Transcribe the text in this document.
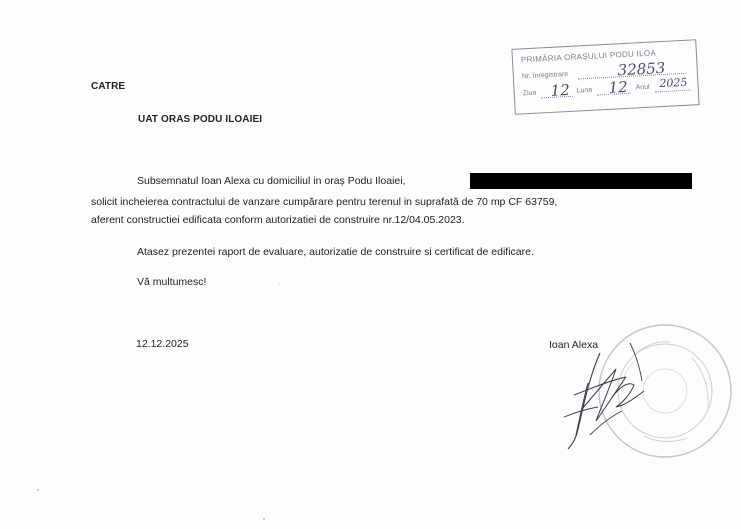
PRIMĂRIA ORAȘULUI PODU ILOA
Nr. înregistrare	32853
Ziua 12 Luna 12 Anul 2025
CATRE
UAT ORAS PODU ILOAIEI
Subsemnatul Ioan Alexa cu domiciliul in oraș Podu Iloaiei,
solicit incheierea contractului de vanzare cumpărare pentru terenul in suprafată de 70 mp CF 63759,
aferent constructiei edificata conform autorizatiei de construire nr.12/04.05.2023.
Atasez prezentei raport de evaluare, autorizatie de construire si certificat de edificare.
Vă multumesc!
12.12.2025	Ioan Alexa
